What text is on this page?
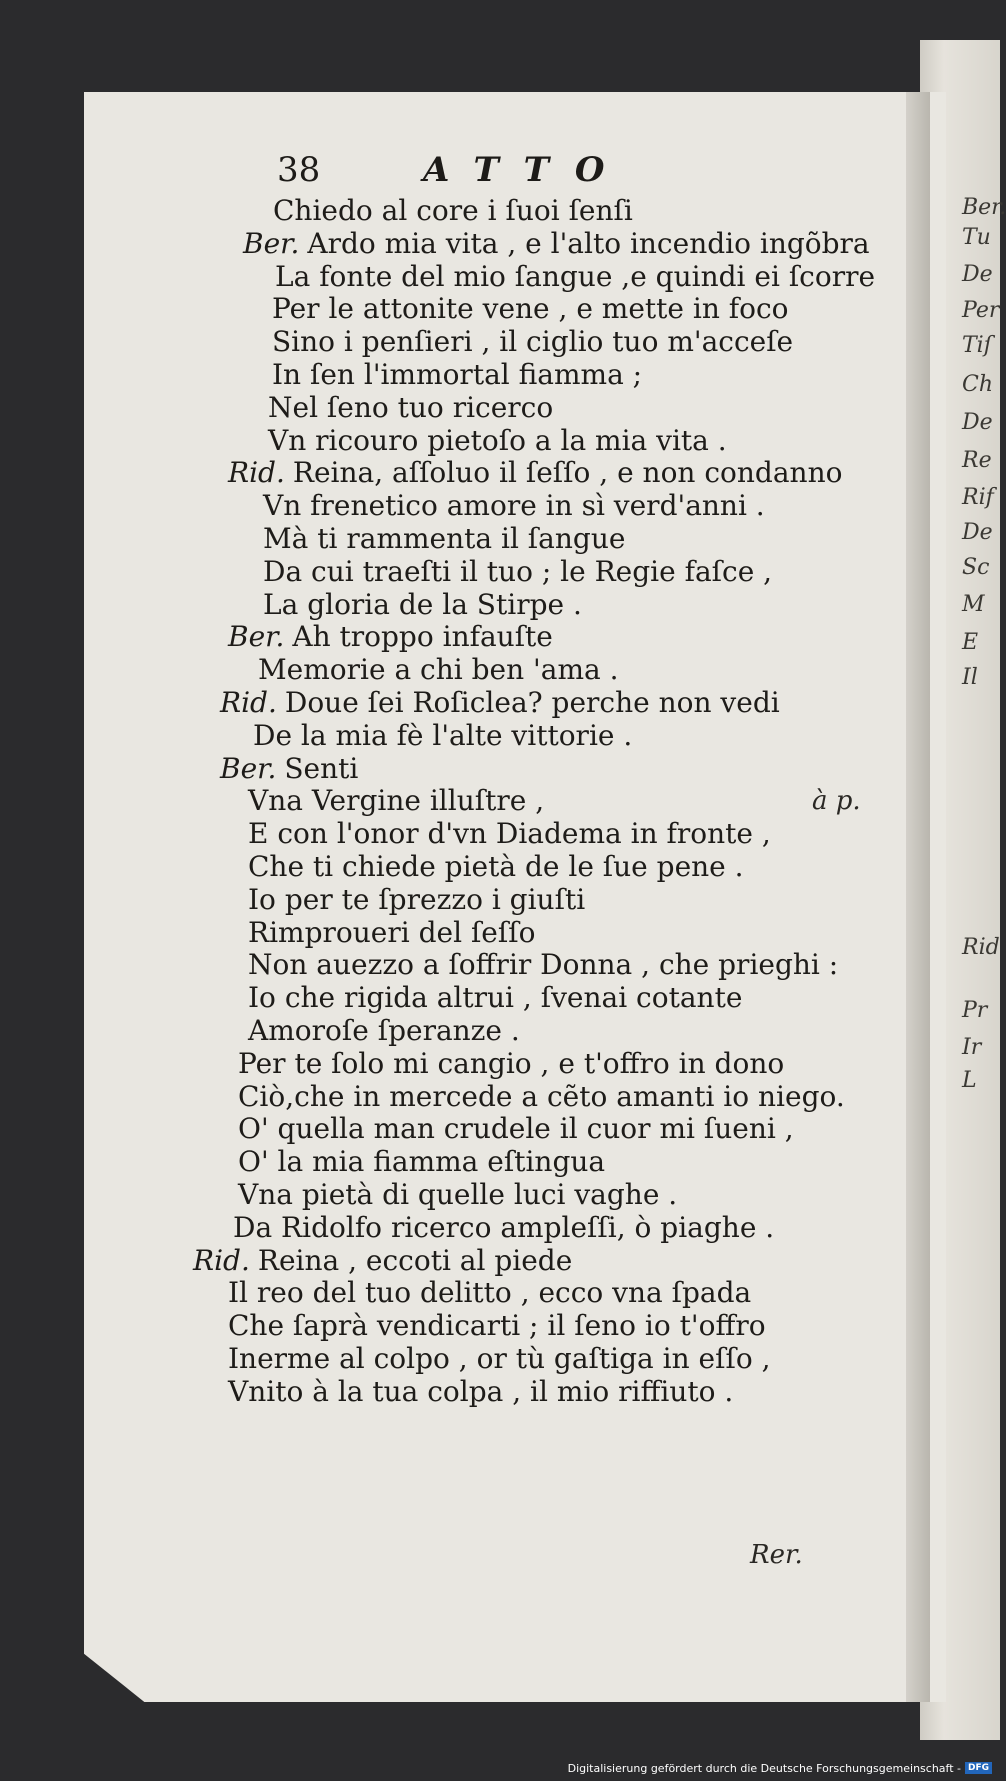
38	ATTO
Chiedo al core i ſuoi ſenſi
Ber. Ardo mia vita , e l'alto incendio ingõbra
La fonte del mio ſangue ,e quindi ei ſcorre
Per le attonite vene , e mette in foco
Sino i penſieri , il ciglio tuo m'acceſe
In ſen l'immortal fiamma ;
Nel ſeno tuo ricerco
Vn ricouro pietoſo a la mia vita .
Rid. Reina, aſſoluo il ſeſſo , e non condanno
Vn frenetico amore in sì verd'anni .
Mà ti rammenta il ſangue
Da cui traeſti il tuo ; le Regie faſce ,
La gloria de la Stirpe .
Ber. Ah troppo infauſte
Memorie a chi ben 'ama .
Rid. Doue ſei Roſiclea? perche non vedi
De la mia fè l'alte vittorie .
Ber. Senti
Vna Vergine illuſtre ,
E con l'onor d'vn Diadema in fronte ,
Che ti chiede pietà de le ſue pene .
Io per te ſprezzo i giuſti
Rimproueri del ſeſſo
Non auezzo a ſoffrir Donna , che prieghi :
Io che rigida altrui , ſvenai cotante
Amoroſe ſperanze .
Per te ſolo mi cangio , e t'offro in dono
Ciò,che in mercede a cẽto amanti io niego.
O' quella man crudele il cuor mi ſueni ,
O' la mia fiamma eſtingua
Vna pietà di quelle luci vaghe .
Da Ridolfo ricerco ampleſſi, ò piaghe .
Rid. Reina , eccoti al piede
Il reo del tuo delitto , ecco vna ſpada
Che ſaprà vendicarti ; il ſeno io t'offro
Inerme al colpo , or tù gaſtiga in eſſo ,
Vnito à la tua colpa , il mio riffiuto .
à p.
Rer.
Ber.
Tu
De
Per
Tiſ
Ch
De
Re
Rif
De
Sc
M
E
Il
Rid
Pr
Ir
L
Digitalisierung gefördert durch die Deutsche Forschungsgemeinschaft - DFG
